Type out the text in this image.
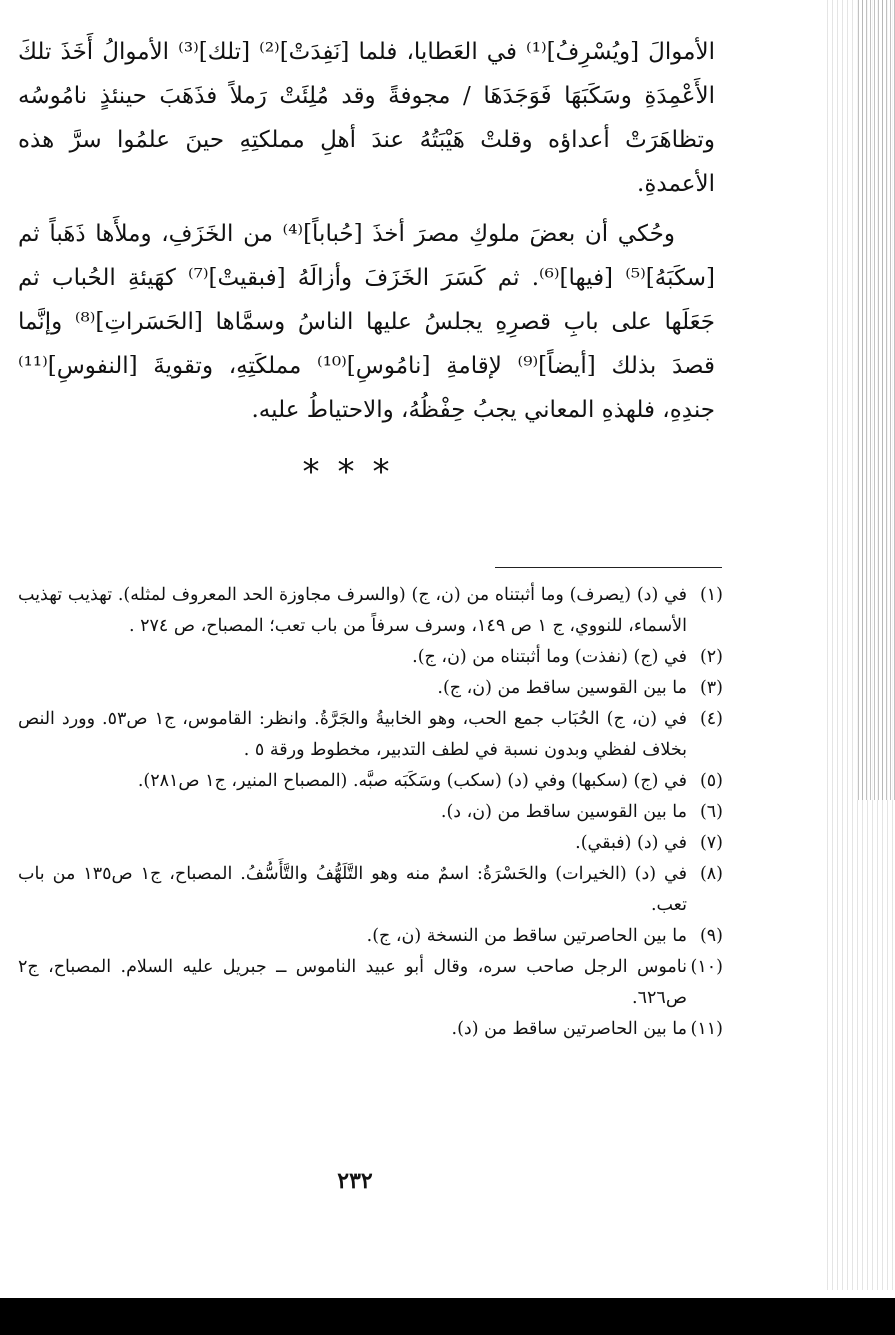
الأموالَ [ويُسْرِفُ]⁽¹⁾ في العَطايا، فلما [نَفِدَتْ]⁽²⁾ [تلك]⁽³⁾ الأموالُ أَخَذَ تلكَ الأَعْمِدَةِ وسَكَبَهَا فَوَجَدَهَا / مجوفةً وقد مُلِئَتْ رَملاً فذَهَبَ حينئذٍ نامُوسُه وتظاهَرَتْ أعداؤه وقلتْ هَيْبَتُهُ عندَ أهلِ مملكتِهِ حينَ علمُوا سرَّ هذه الأعمدةِ.

وحُكي أن بعضَ ملوكِ مصرَ أخذَ [حُباباً]⁽⁴⁾ من الخَزَفِ، وملأَها ذَهَباً ثم [سكَبَهُ]⁽⁵⁾ [فيها]⁽⁶⁾. ثم كَسَرَ الخَزَفَ وأزالَهُ [فبقيتْ]⁽⁷⁾ كهَيئةِ الحُباب ثم جَعَلَها على بابِ قصرِهِ يجلسُ عليها الناسُ وسمَّاها [الحَسَراتِ]⁽⁸⁾ وإنَّما قصدَ بذلك [أيضاً]⁽⁹⁾ لإقامةِ [نامُوسِ]⁽¹⁰⁾ مملكَتِهِ، وتقويةَ [النفوسِ]⁽¹¹⁾ جندِهِ، فلهذهِ المعاني يجبُ حِفْظُهُ، والاحتياطُ عليه.

***
(١)في (د) (يصرف) وما أثبتناه من (ن، ج) (والسرف مجاوزة الحد المعروف لمثله). تهذيب تهذيب الأسماء، للنووي، ج ١ ص ١٤٩، وسرف سرفاً من باب تعب؛ المصباح، ص ٢٧٤ .
(٢)في (ج) (نفذت) وما أثبتناه من (ن، ج).
(٣)ما بين القوسين ساقط من (ن، ج).
(٤)في (ن، ج) الحُبَاب جمع الحب، وهو الخابيةُ والجَرَّةُ. وانظر: القاموس، ج١ ص٥٣. وورد النص بخلاف لفظي وبدون نسبة في لطف التدبير، مخطوط ورقة ٥ .
(٥)في (ج) (سكبها) وفي (د) (سكب) وسَكَبَه صبَّه. (المصباح المنير، ج١ ص٢٨١).
(٦)ما بين القوسين ساقط من (ن، د).
(٧)في (د) (فبقي).
(٨)في (د) (الخيرات) والحَسْرَةُ: اسمٌ منه وهو التَّلَهُّفُ والتَّأَسُّفُ. المصباح، ج١ ص١٣٥ من باب تعب.
(٩)ما بين الحاصرتين ساقط من النسخة (ن، ج).
(١٠)ناموس الرجل صاحب سره، وقال أبو عبيد الناموس ــ جبريل عليه السلام. المصباح، ج٢ ص٦٢٦.
(١١)ما بين الحاصرتين ساقط من (د).
٢٣٢
